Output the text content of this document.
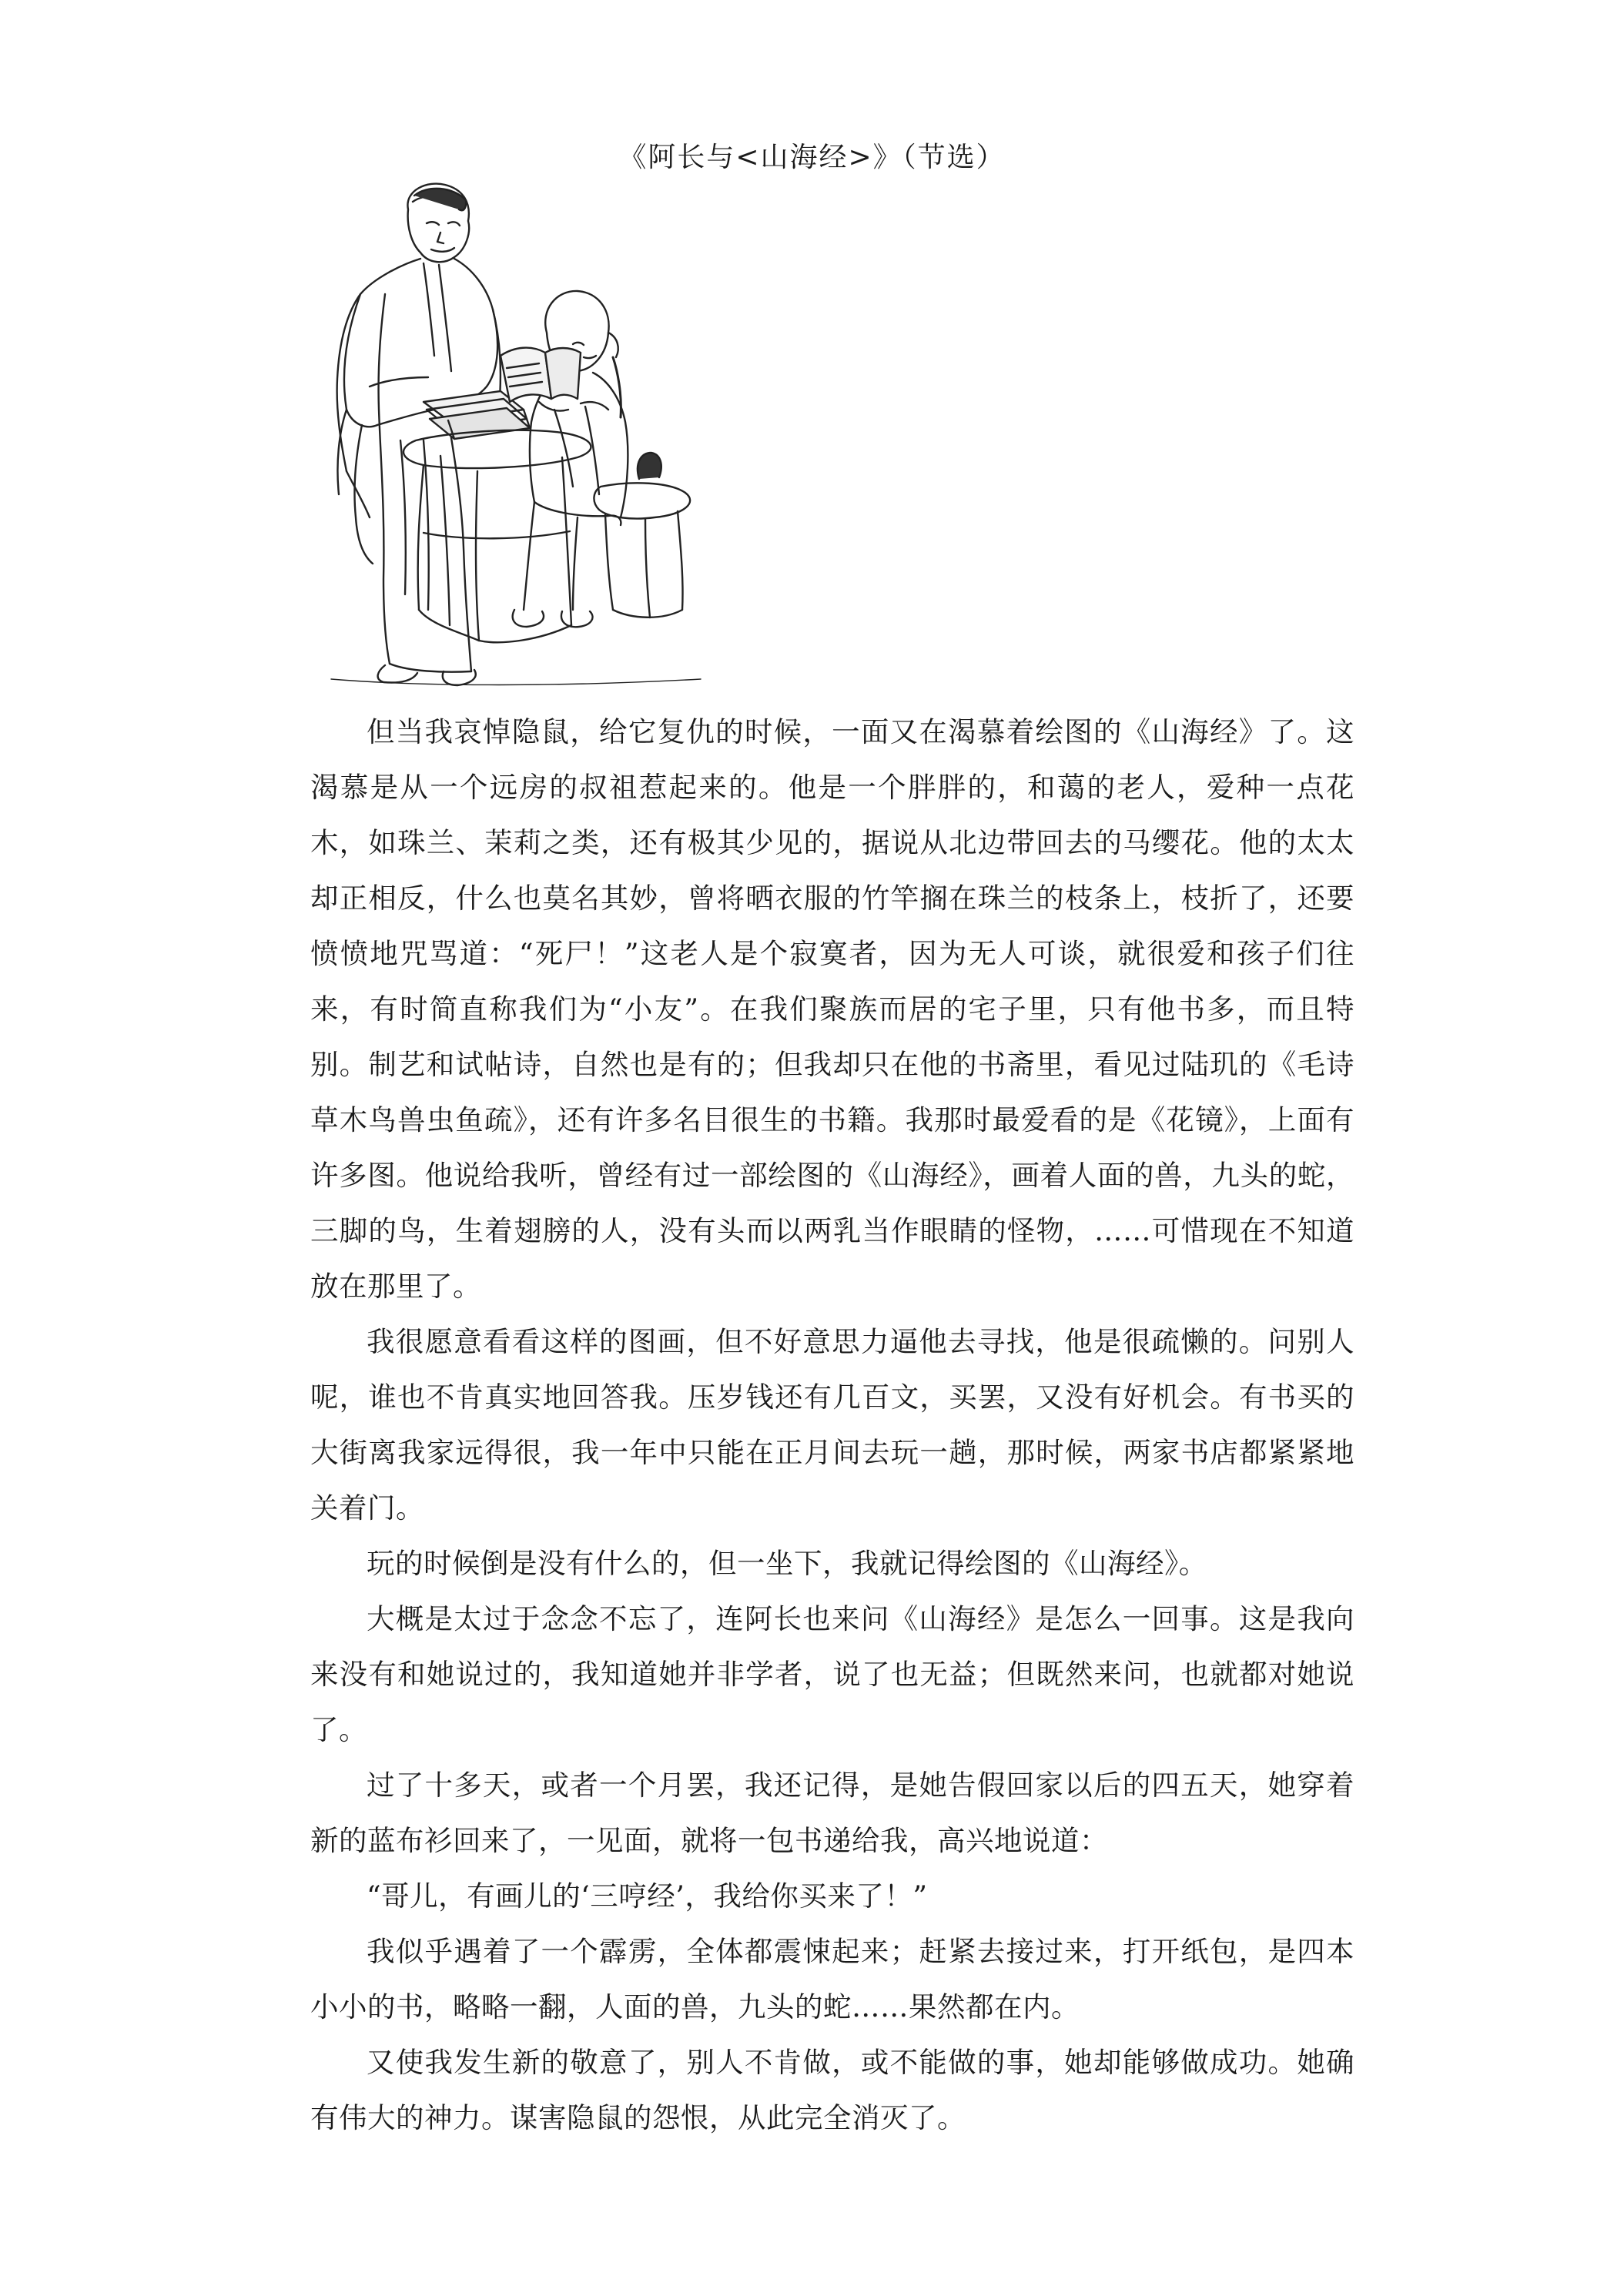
《阿长与<山海经>》（节选）

但当我哀悼隐鼠，给它复仇的时候，一面又在渴慕着绘图的《山海经》了。这渴慕是从一个远房的叔祖惹起来的。他是一个胖胖的，和蔼的老人，爱种一点花木，如珠兰、茉莉之类，还有极其少见的，据说从北边带回去的马缨花。他的太太却正相反，什么也莫名其妙，曾将晒衣服的竹竿搁在珠兰的枝条上，枝折了，还要愤愤地咒骂道：“死尸！”这老人是个寂寞者，因为无人可谈，就很爱和孩子们往来，有时简直称我们为“小友”。在我们聚族而居的宅子里，只有他书多，而且特别。制艺和试帖诗，自然也是有的；但我却只在他的书斋里，看见过陆玑的《毛诗草木鸟兽虫鱼疏》，还有许多名目很生的书籍。我那时最爱看的是《花镜》，上面有许多图。他说给我听，曾经有过一部绘图的《山海经》，画着人面的兽，九头的蛇，三脚的鸟，生着翅膀的人，没有头而以两乳当作眼睛的怪物，……可惜现在不知道放在那里了。

我很愿意看看这样的图画，但不好意思力逼他去寻找，他是很疏懒的。问别人呢，谁也不肯真实地回答我。压岁钱还有几百文，买罢，又没有好机会。有书买的大街离我家远得很，我一年中只能在正月间去玩一趟，那时候，两家书店都紧紧地关着门。

玩的时候倒是没有什么的，但一坐下，我就记得绘图的《山海经》。

大概是太过于念念不忘了，连阿长也来问《山海经》是怎么一回事。这是我向来没有和她说过的，我知道她并非学者，说了也无益；但既然来问，也就都对她说了。

过了十多天，或者一个月罢，我还记得，是她告假回家以后的四五天，她穿着新的蓝布衫回来了，一见面，就将一包书递给我，高兴地说道：

“哥儿，有画儿的‘三哼经’，我给你买来了！”

我似乎遇着了一个霹雳，全体都震悚起来；赶紧去接过来，打开纸包，是四本小小的书，略略一翻，人面的兽，九头的蛇……果然都在内。

又使我发生新的敬意了，别人不肯做，或不能做的事，她却能够做成功。她确有伟大的神力。谋害隐鼠的怨恨，从此完全消灭了。
